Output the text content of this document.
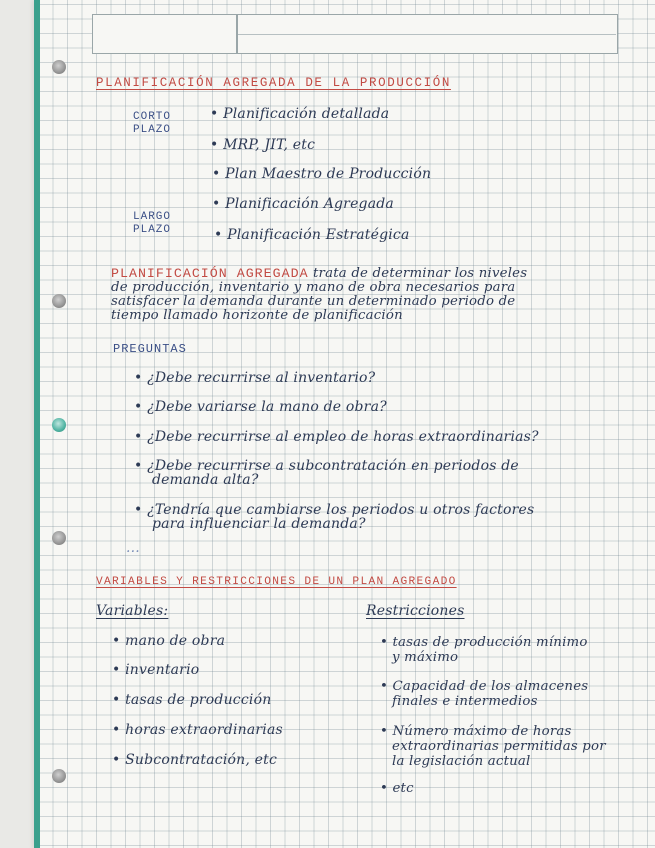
PLANIFICACIÓN AGREGADA DE LA PRODUCCIÓN
CORTO
PLAZO
LARGO
PLAZO
• Planificación detallada
• MRP, JIT, etc
• Plan Maestro de Producción
• Planificación Agregada
• Planificación Estratégica
PLANIFICACIÓN AGREGADA trata de determinar los niveles
de producción, inventario y mano de obra necesarios para
satisfacer la demanda durante un determinado periodo de
tiempo llamado horizonte de planificación
PREGUNTAS
• ¿Debe recurrirse al inventario?
• ¿Debe variarse la mano de obra?
• ¿Debe recurrirse al empleo de horas extraordinarias?
• ¿Debe recurrirse a subcontratación en periodos de
demanda alta?
• ¿Tendría que cambiarse los periodos u otros factores
para influenciar la demanda?
...
VARIABLES Y RESTRICCIONES DE UN PLAN AGREGADO
Variables:	Restricciones
• mano de obra
• inventario
• tasas de producción
• horas extraordinarias
• Subcontratación, etc
• tasas de producción mínimo
y máximo
• Capacidad de los almacenes
finales e intermedios
• Número máximo de horas
extraordinarias permitidas por
la legislación actual
• etc
